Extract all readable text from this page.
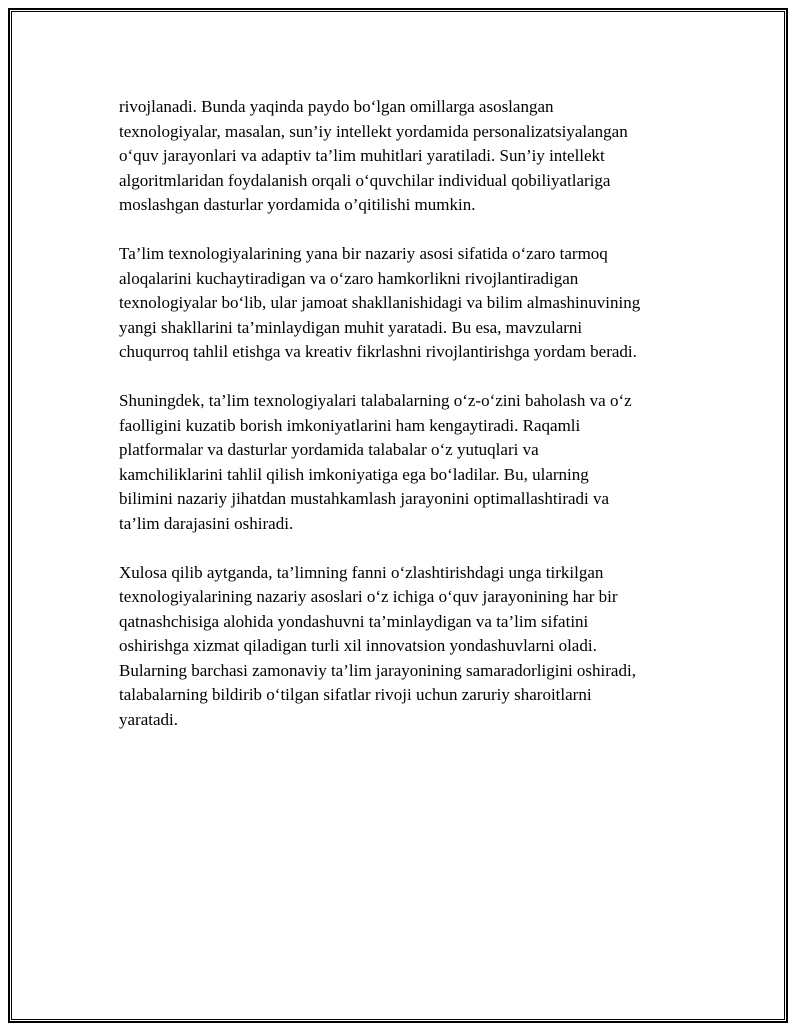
rivojlanadi. Bunda yaqinda paydo bo‘lgan omillarga asoslangan
texnologiyalar, masalan, sun’iy intellekt yordamida personalizatsiyalangan
o‘quv jarayonlari va adaptiv ta’lim muhitlari yaratiladi. Sun’iy intellekt
algoritmlaridan foydalanish orqali o‘quvchilar individual qobiliyatlariga
moslashgan dasturlar yordamida o’qitilishi mumkin.

Ta’lim texnologiyalarining yana bir nazariy asosi sifatida o‘zaro tarmoq
aloqalarini kuchaytiradigan va o‘zaro hamkorlikni rivojlantiradigan
texnologiyalar bo‘lib, ular jamoat shakllanishidagi va bilim almashinuvining
yangi shakllarini ta’minlaydigan muhit yaratadi. Bu esa, mavzularni
chuqurroq tahlil etishga va kreativ fikrlashni rivojlantirishga yordam beradi.

Shuningdek, ta’lim texnologiyalari talabalarning o‘z-o‘zini baholash va o‘z
faolligini kuzatib borish imkoniyatlarini ham kengaytiradi. Raqamli
platformalar va dasturlar yordamida talabalar o‘z yutuqlari va
kamchiliklarini tahlil qilish imkoniyatiga ega bo‘ladilar. Bu, ularning
bilimini nazariy jihatdan mustahkamlash jarayonini optimallashtiradi va
ta’lim darajasini oshiradi.

Xulosa qilib aytganda, ta’limning fanni o‘zlashtirishdagi unga tirkilgan
texnologiyalarining nazariy asoslari o‘z ichiga o‘quv jarayonining har bir
qatnashchisiga alohida yondashuvni ta’minlaydigan va ta’lim sifatini
oshirishga xizmat qiladigan turli xil innovatsion yondashuvlarni oladi.
Bularning barchasi zamonaviy ta’lim jarayonining samaradorligini oshiradi,
talabalarning bildirib o‘tilgan sifatlar rivoji uchun zaruriy sharoitlarni
yaratadi.
